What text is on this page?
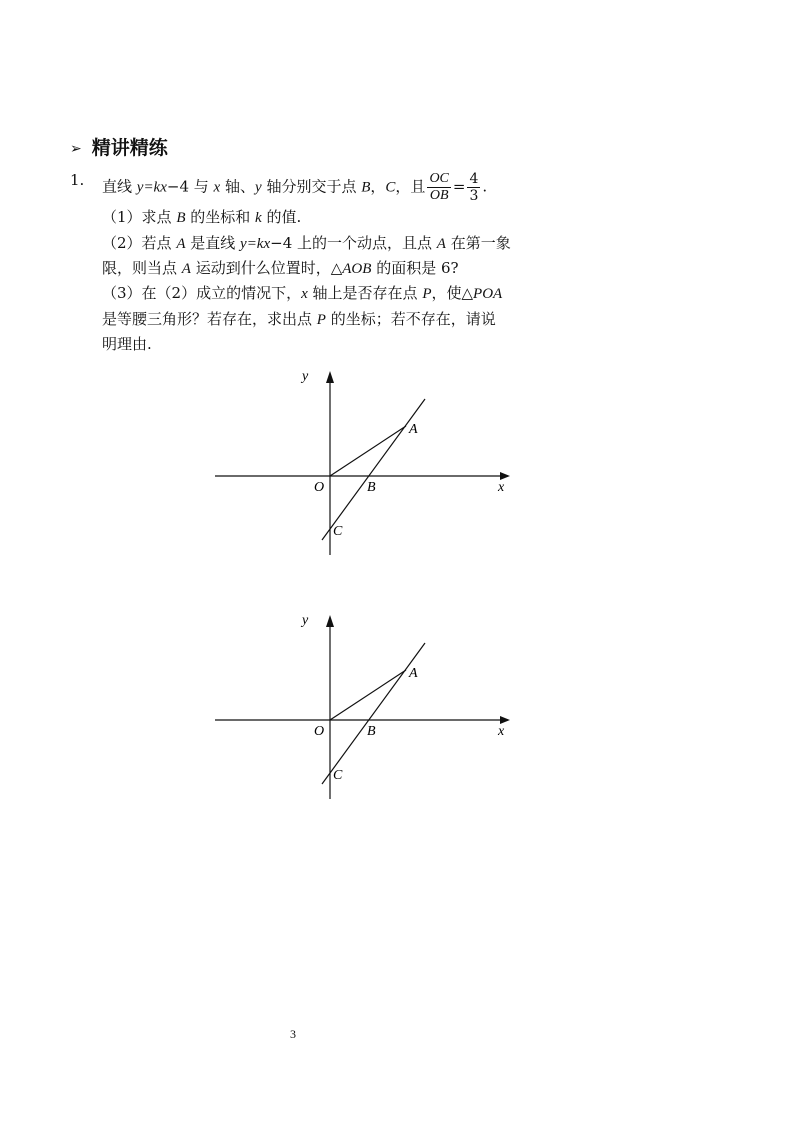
➢ 精讲精练
1. 直线 y=kx−4 与 x 轴、y 轴分别交于点 B，C，且 $\frac{OC}{OB} = \frac{4}{3}$ .
（1）求点 B 的坐标和 k 的值.
（2）若点 A 是直线 y=kx−4 上的一个动点，且点 A 在第一象
限，则当点 A 运动到什么位置时，△AOB 的面积是 6?
（3）在（2）成立的情况下，x 轴上是否存在点 P，使△POA
是等腰三角形？若存在，求出点 P 的坐标；若不存在，请说
明理由.
y
x
O	B
A
C
y
x
O	B
A
C
3
